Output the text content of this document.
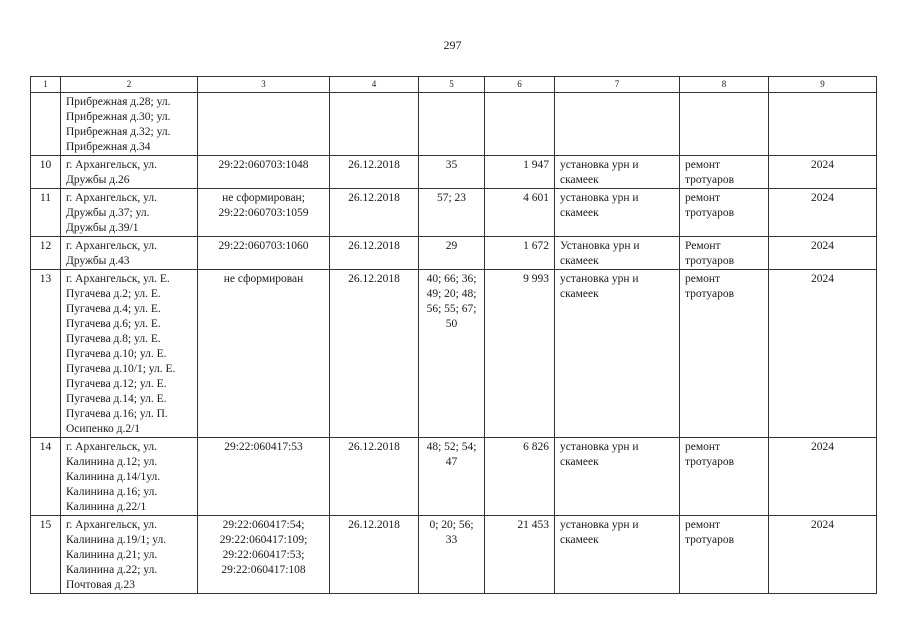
297
1	2	3	4	5	6	7	8	9
	Прибрежная д.28; ул. Прибрежная д.30; ул. Прибрежная д.32; ул. Прибрежная д.34							
10	г. Архангельск, ул. Дружбы д.26	29:22:060703:1048	26.12.2018	35	1 947	установка урн и скамеек	ремонт тротуаров	2024
11	г. Архангельск, ул. Дружбы д.37; ул. Дружбы д.39/1	не сформирован; 29:22:060703:1059	26.12.2018	57; 23	4 601	установка урн и скамеек	ремонт тротуаров	2024
12	г. Архангельск, ул. Дружбы д.43	29:22:060703:1060	26.12.2018	29	1 672	Установка урн и скамеек	Ремонт тротуаров	2024
13	г. Архангельск, ул. Е. Пугачева д.2; ул. Е. Пугачева д.4; ул. Е. Пугачева д.6; ул. Е. Пугачева д.8; ул. Е. Пугачева д.10; ул. Е. Пугачева д.10/1; ул. Е. Пугачева д.12; ул. Е. Пугачева д.14; ул. Е. Пугачева д.16; ул. П. Осипенко д.2/1	не сформирован	26.12.2018	40; 66; 36; 49; 20; 48; 56; 55; 67; 50	9 993	установка урн и скамеек	ремонт тротуаров	2024
14	г. Архангельск, ул. Калинина д.12; ул. Калинина д.14/1ул. Калинина д.16; ул. Калинина д.22/1	29:22:060417:53	26.12.2018	48; 52; 54; 47	6 826	установка урн и скамеек	ремонт тротуаров	2024
15	г. Архангельск, ул. Калинина д.19/1; ул. Калинина д.21; ул. Калинина д.22; ул. Почтовая д.23	29:22:060417:54; 29:22:060417:109; 29:22:060417:53; 29:22:060417:108	26.12.2018	0; 20; 56; 33	21 453	установка урн и скамеек	ремонт тротуаров	2024
